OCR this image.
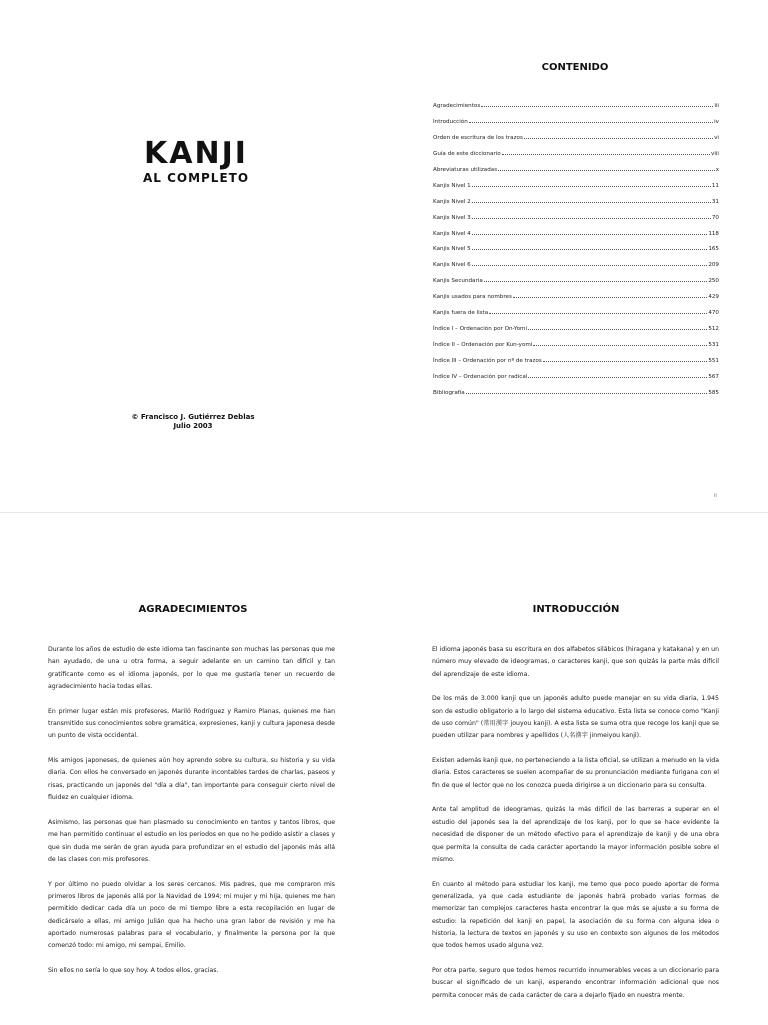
KANJI
AL COMPLETO
© Francisco J. Gutiérrez Deblas
Julio 2003
CONTENIDO
Agradecimientos	iii
Introducción	iv
Orden de escritura de los trazos	vi
Guía de este diccionario	viii
Abreviaturas utilizadas	x
Kanjis Nivel 1	11
Kanjis Nivel 2	31
Kanjis Nivel 3	70
Kanjis Nivel 4	118
Kanjis Nivel 5	165
Kanjis Nivel 6	209
Kanjis Secundaria	250
Kanjis usados para nombres	429
Kanjis fuera de lista	470
Índice I – Ordenación por On-Yomi	512
Índice II – Ordenación por Kun-yomi	531
Índice III – Ordenación por nº de trazos	551
Índice IV – Ordenación por radical	567
Bibliografía	585
ii
AGRADECIMIENTOS

Durante los años de estudio de este idioma tan fascinante son muchas las personas que me han ayudado, de una u otra forma, a seguir adelante en un camino tan difícil y tan gratificante como es el idioma japonés, por lo que me gustaría tener un recuerdo de agradecimiento hacia todas ellas.

En primer lugar están mis profesores, Mariló Rodríguez y Ramiro Planas, quienes me han transmitido sus conocimientos sobre gramática, expresiones, kanji y cultura japonesa desde un punto de vista occidental.

Mis amigos japoneses, de quienes aún hoy aprendo sobre su cultura, su historia y su vida diaria. Con ellos he conversado en japonés durante incontables tardes de charlas, paseos y risas, practicando un japonés del "día a día", tan importante para conseguir cierto nivel de fluidez en cualquier idioma.

Asimismo, las personas que han plasmado su conocimiento en tantos y tantos libros, que me han permitido continuar el estudio en los periodos en que no he podido asistir a clases y que sin duda me serán de gran ayuda para profundizar en el estudio del japonés más allá de las clases con mis profesores.

Y por último no puedo olvidar a los seres cercanos. Mis padres, que me compraron mis primeros libros de japonés allá por la Navidad de 1994; mi mujer y mi hija, quienes me han permitido dedicar cada día un poco de mi tiempo libre a esta recopilación en lugar de dedicárselo a ellas, mi amigo Julián que ha hecho una gran labor de revisión y me ha aportado numerosas palabras para el vocabulario, y finalmente la persona por la que comenzó todo: mi amigo, mi sempai, Emilio.

Sin ellos no sería lo que soy hoy. A todos ellos, gracias.

INTRODUCCIÓN

El idioma japonés basa su escritura en dos alfabetos silábicos (hiragana y katakana) y en un número muy elevado de ideogramas, o caracteres kanji, que son quizás la parte más difícil del aprendizaje de este idioma.

De los más de 3.000 kanji que un japonés adulto puede manejar en su vida diaria, 1.945 son de estudio obligatorio a lo largo del sistema educativo. Esta lista se conoce como "Kanji de uso común" (常用漢字 jouyou kanji). A esta lista se suma otra que recoge los kanji que se pueden utilizar para nombres y apellidos (人名漢字 jinmeiyou kanji).

Existen además kanji que, no perteneciendo a la lista oficial, se utilizan a menudo en la vida diaria. Estos caracteres se suelen acompañar de su pronunciación mediante furigana con el fin de que el lector que no los conozca pueda dirigirse a un diccionario para su consulta.

Ante tal amplitud de ideogramas, quizás la más difícil de las barreras a superar en el estudio del japonés sea la del aprendizaje de los kanji, por lo que se hace evidente la necesidad de disponer de un método efectivo para el aprendizaje de kanji y de una obra que permita la consulta de cada carácter aportando la mayor información posible sobre el mismo.

En cuanto al método para estudiar los kanji, me temo que poco puedo aportar de forma generalizada, ya que cada estudiante de japonés habrá probado varias formas de memorizar tan complejos caracteres hasta encontrar la que más se ajuste a su forma de estudio: la repetición del kanji en papel, la asociación de su forma con alguna idea o historia, la lectura de textos en japonés y su uso en contexto son algunos de los métodos que todos hemos usado alguna vez.

Por otra parte, seguro que todos hemos recurrido innumerables veces a un diccionario para buscar el significado de un kanji, esperando encontrar información adicional que nos permita conocer más de cada carácter de cara a dejarlo fijado en nuestra mente.
